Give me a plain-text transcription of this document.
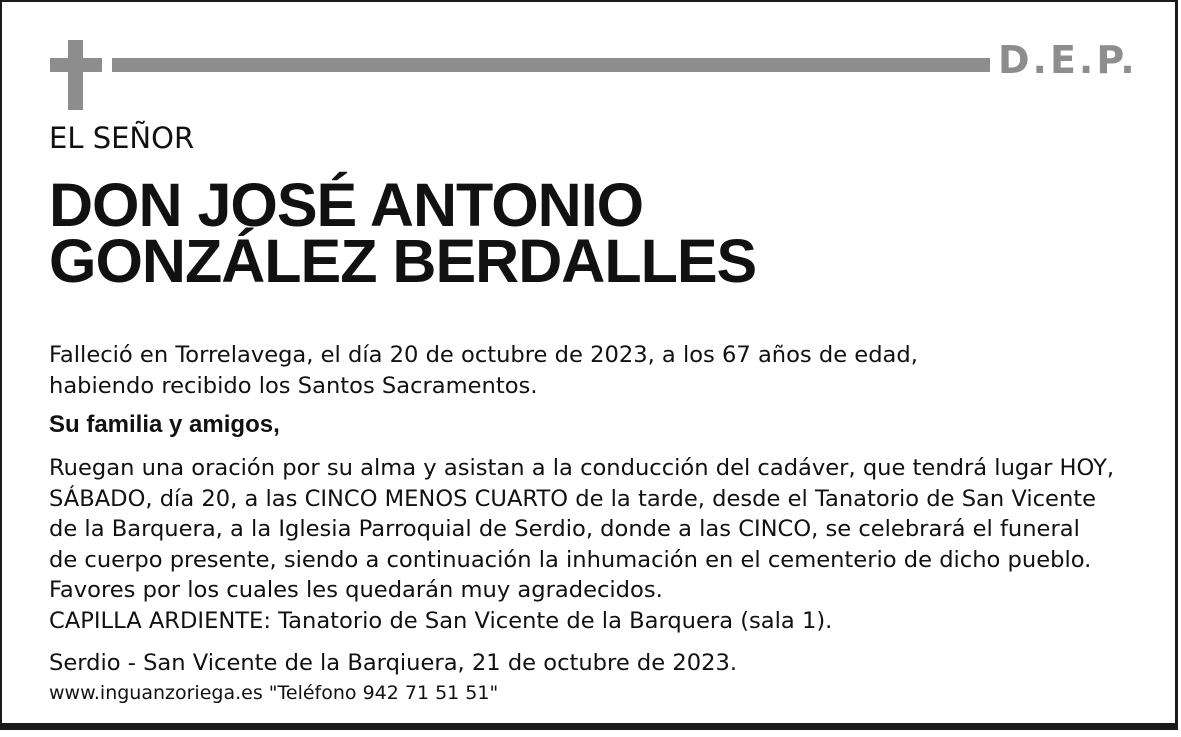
D.E.P.
EL SEÑOR
DON JOSÉ ANTONIO
GONZÁLEZ BERDALLES
Falleció en Torrelavega, el día 20 de octubre de 2023, a los 67 años de edad,
habiendo recibido los Santos Sacramentos.
Su familia y amigos,
Ruegan una oración por su alma y asistan a la conducción del cadáver, que tendrá lugar HOY,
SÁBADO, día 20, a las CINCO MENOS CUARTO de la tarde, desde el Tanatorio de San Vicente
de la Barquera, a la Iglesia Parroquial de Serdio, donde a las CINCO, se celebrará el funeral
de cuerpo presente, siendo a continuación la inhumación en el cementerio de dicho pueblo.
Favores por los cuales les quedarán muy agradecidos.
CAPILLA ARDIENTE: Tanatorio de San Vicente de la Barquera (sala 1).
Serdio - San Vicente de la Barqiuera, 21 de octubre de 2023.
www.inguanzoriega.es "Teléfono 942 71 51 51"
